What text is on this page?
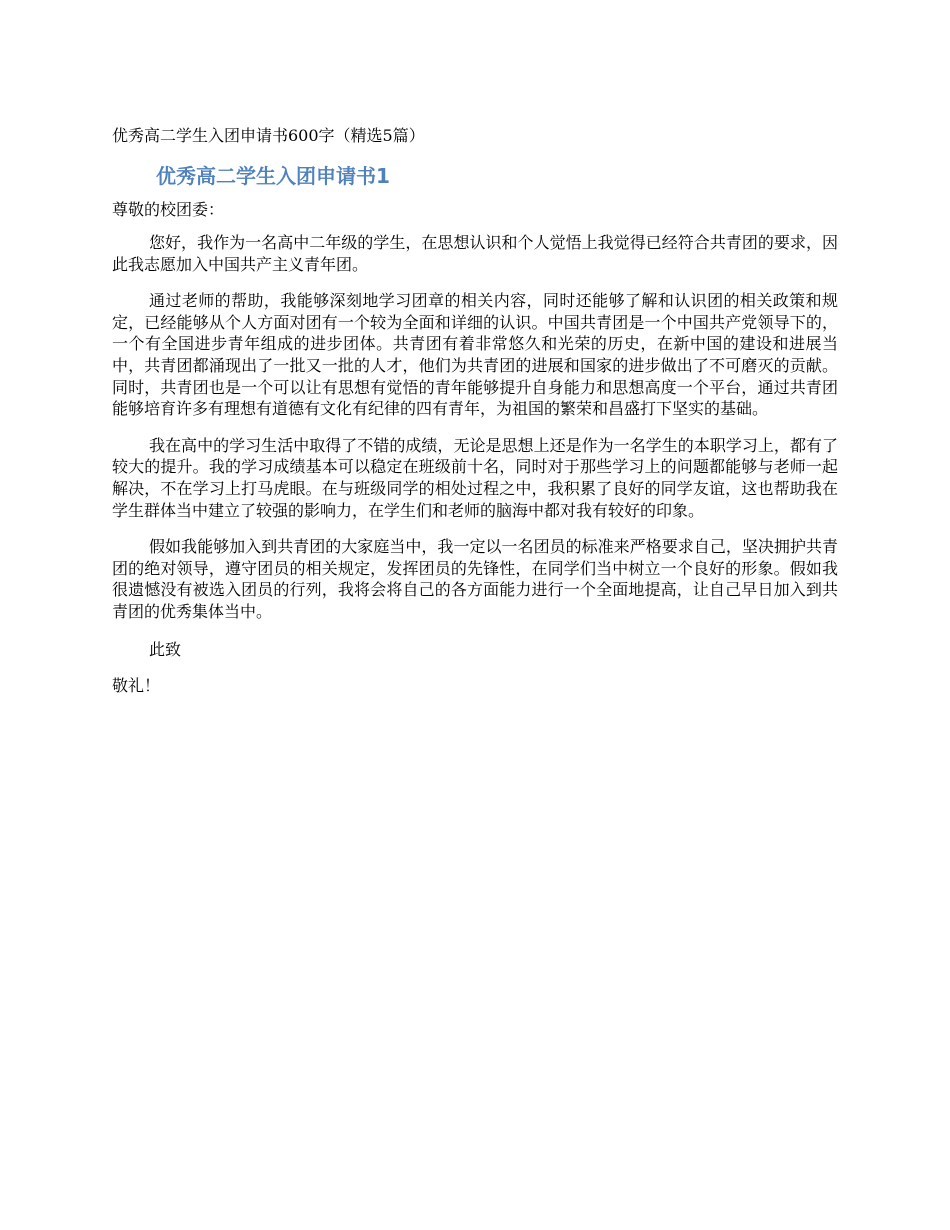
优秀高二学生入团申请书600字（精选5篇）
优秀高二学生入团申请书1
尊敬的校团委：

您好，我作为一名高中二年级的学生，在思想认识和个人觉悟上我觉得已经符合共青团的要求，因此我志愿加入中国共产主义青年团。

通过老师的帮助，我能够深刻地学习团章的相关内容，同时还能够了解和认识团的相关政策和规定，已经能够从个人方面对团有一个较为全面和详细的认识。中国共青团是一个中国共产党领导下的，一个有全国进步青年组成的进步团体。共青团有着非常悠久和光荣的历史，在新中国的建设和进展当中，共青团都涌现出了一批又一批的人才，他们为共青团的进展和国家的进步做出了不可磨灭的贡献。同时，共青团也是一个可以让有思想有觉悟的青年能够提升自身能力和思想高度一个平台，通过共青团能够培育许多有理想有道德有文化有纪律的四有青年，为祖国的繁荣和昌盛打下坚实的基础。

我在高中的学习生活中取得了不错的成绩，无论是思想上还是作为一名学生的本职学习上，都有了较大的提升。我的学习成绩基本可以稳定在班级前十名，同时对于那些学习上的问题都能够与老师一起解决，不在学习上打马虎眼。在与班级同学的相处过程之中，我积累了良好的同学友谊，这也帮助我在学生群体当中建立了较强的影响力，在学生们和老师的脑海中都对我有较好的印象。

假如我能够加入到共青团的大家庭当中，我一定以一名团员的标准来严格要求自己，坚决拥护共青团的绝对领导，遵守团员的相关规定，发挥团员的先锋性，在同学们当中树立一个良好的形象。假如我很遗憾没有被选入团员的行列，我将会将自己的各方面能力进行一个全面地提高，让自己早日加入到共青团的优秀集体当中。

此致
敬礼！
